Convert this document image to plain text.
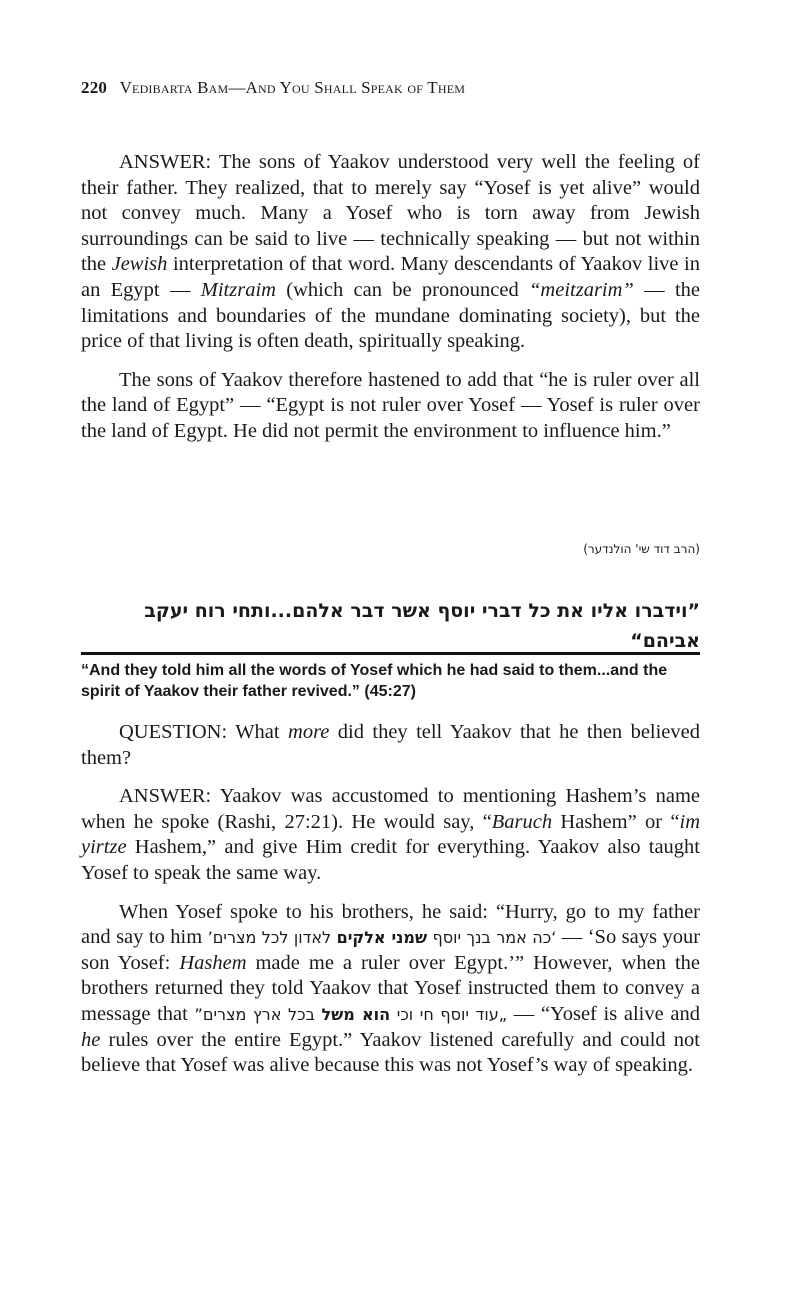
220 Vedibarta Bam—And You Shall Speak of Them

ANSWER: The sons of Yaakov understood very well the feeling of their father. They realized, that to merely say “Yosef is yet alive” would not convey much. Many a Yosef who is torn away from Jewish surroundings can be said to live — technically speaking — but not within the Jewish interpretation of that word. Many descendants of Yaakov live in an Egypt — Mitzraim (which can be pronounced “meitzarim” — the limitations and boundaries of the mundane dominating society), but the price of that living is often death, spiritually speaking.

The sons of Yaakov therefore hastened to add that “he is ruler over all the land of Egypt” — “Egypt is not ruler over Yosef — Yosef is ruler over the land of Egypt. He did not permit the environment to influence him.”

(הרב דוד שי' הולנדער)
”וידברו אליו את כל דברי יוסף אשר דבר אלהם...ותחי רוח יעקב אביהם“
“And they told him all the words of Yosef which he had said to them...and the spirit of Yaakov their father revived.” (45:27)

QUESTION: What more did they tell Yaakov that he then believed them?

ANSWER: Yaakov was accustomed to mentioning Hashem’s name when he spoke (Rashi, 27:21). He would say, “Baruch Hashem” or “im yirtze Hashem,” and give Him credit for everything. Yaakov also taught Yosef to speak the same way.

When Yosef spoke to his brothers, he said: “Hurry, go to my father and say to him	‘כה אמר בנך יוסף שמני אלקים לאדון לכל מצרים’	— ‘So says your son Yosef: Hashem made me a ruler over Egypt.’” However, when the brothers returned they told Yaakov that Yosef instructed them to convey a message that	„עוד יוסף חי וכי הוא משל בכל ארץ מצרים”	— “Yosef is alive and he rules over the entire Egypt.” Yaakov listened carefully and could not believe that Yosef was alive because this was not Yosef’s way of speaking.
